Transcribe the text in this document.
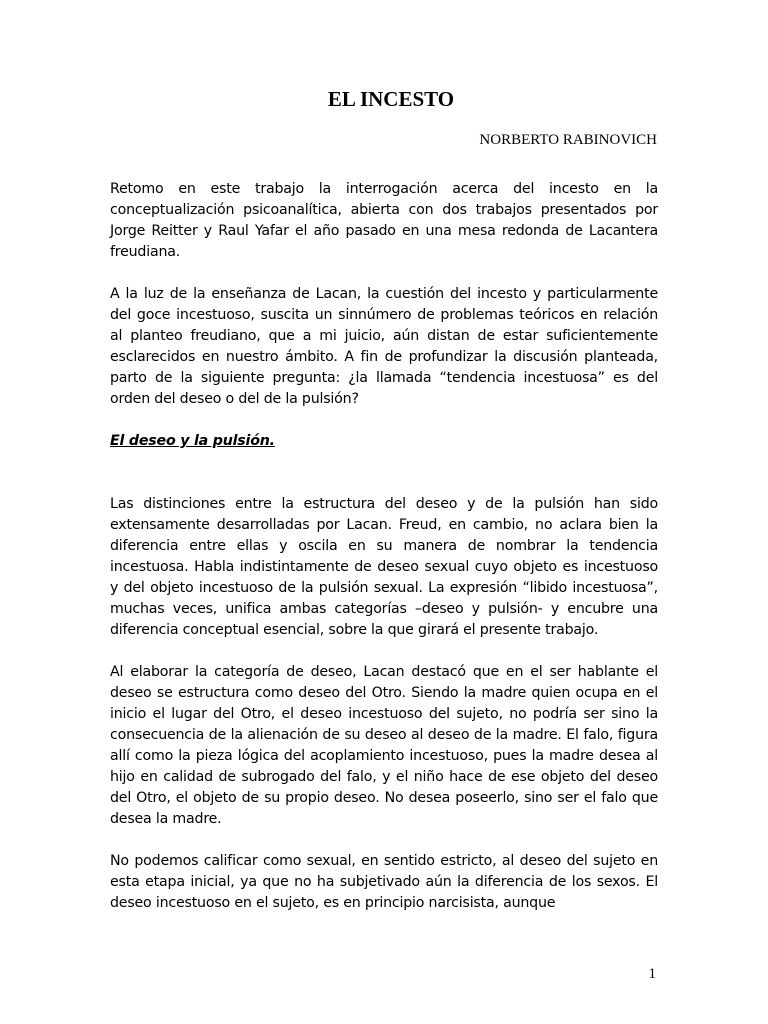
EL INCESTO
NORBERTO RABINOVICH

Retomo en este trabajo la interrogación acerca del incesto en la conceptualización psicoanalítica, abierta con dos trabajos presentados por Jorge Reitter y Raul Yafar el año pasado en una mesa redonda de Lacantera freudiana.

A la luz de la enseñanza de Lacan, la cuestión del incesto y particularmente del goce incestuoso, suscita un sinnúmero de problemas teóricos en relación al planteo freudiano, que a mi juicio, aún distan de estar suficientemente esclarecidos en nuestro ámbito. A fin de profundizar la discusión planteada, parto de la siguiente pregunta: ¿la llamada “tendencia incestuosa” es del orden del deseo o del de la pulsión?

El deseo y la pulsión.

Las distinciones entre la estructura del deseo y de la pulsión han sido extensamente desarrolladas por Lacan. Freud, en cambio, no aclara bien la diferencia entre ellas y oscila en su manera de nombrar la tendencia incestuosa. Habla indistintamente de deseo sexual cuyo objeto es incestuoso y del objeto incestuoso de la pulsión sexual. La expresión “libido incestuosa”, muchas veces, unifica ambas categorías –deseo y pulsión- y encubre una diferencia conceptual esencial, sobre la que girará el presente trabajo.

Al elaborar la categoría de deseo, Lacan destacó que en el ser hablante el deseo se estructura como deseo del Otro. Siendo la madre quien ocupa en el inicio el lugar del Otro, el deseo incestuoso del sujeto, no podría ser sino la consecuencia de la alienación de su deseo al deseo de la madre. El falo, figura allí como la pieza lógica del acoplamiento incestuoso, pues la madre desea al hijo en calidad de subrogado del falo, y el niño hace de ese objeto del deseo del Otro, el objeto de su propio deseo. No desea poseerlo, sino ser el falo que desea la madre.

No podemos calificar como sexual, en sentido estricto, al deseo del sujeto en esta etapa inicial, ya que no ha subjetivado aún la diferencia de los sexos. El deseo incestuoso en el sujeto, es en principio narcisista, aunque

1
